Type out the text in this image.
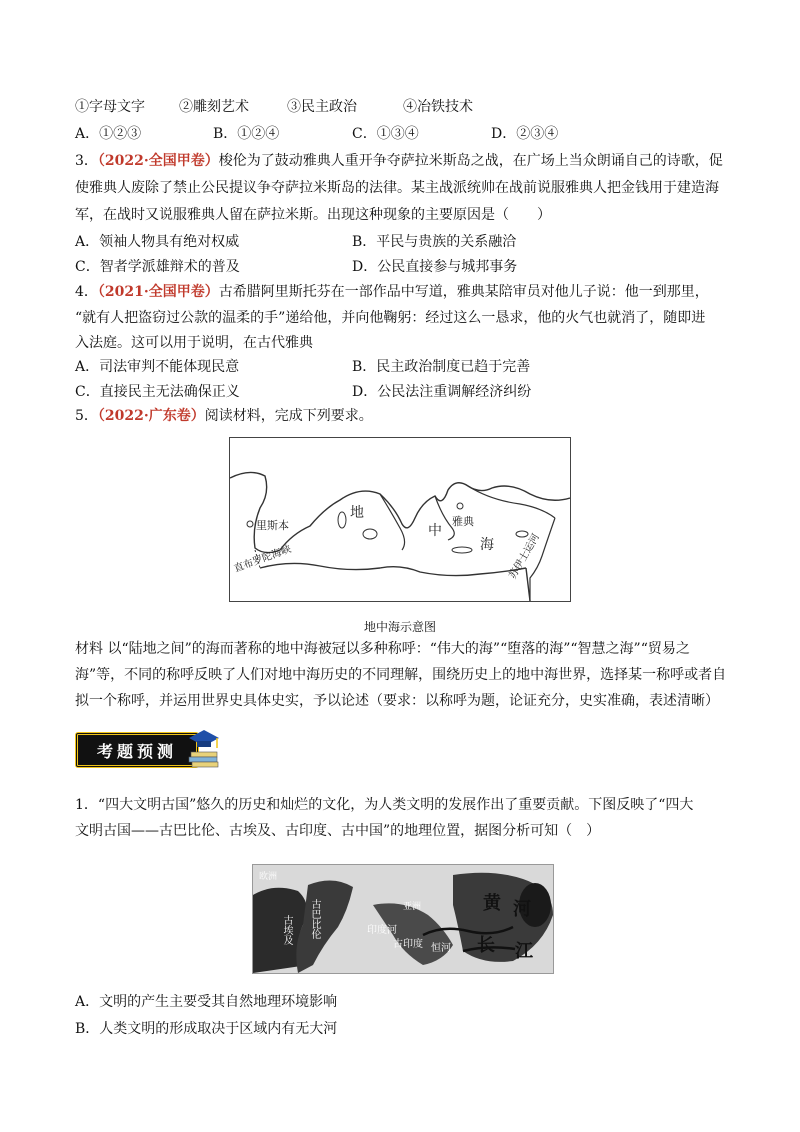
①字母文字 ②雕刻艺术	③民主政治	④冶铁技术
A．①②③	B．①②④	C．①③④	D．②③④
3．（2022·全国甲卷）梭伦为了鼓动雅典人重开争夺萨拉米斯岛之战，在广场上当众朗诵自己的诗歌，促
使雅典人废除了禁止公民提议争夺萨拉米斯岛的法律。某主战派统帅在战前说服雅典人把金钱用于建造海
军，在战时又说服雅典人留在萨拉米斯。出现这种现象的主要原因是（　　）
A．领袖人物具有绝对权威	B．平民与贵族的关系融洽
C．智者学派雄辩术的普及	D．公民直接参与城邦事务
4．（2021·全国甲卷）古希腊阿里斯托芬在一部作品中写道，雅典某陪审员对他儿子说：他一到那里，
“就有人把盗窃过公款的温柔的手”递给他，并向他鞠躬：经过这么一恳求，他的火气也就消了，随即进
入法庭。这可以用于说明，在古代雅典
A．司法审判不能体现民意	B．民主政治制度已趋于完善
C．直接民主无法确保正义	D．公民法注重调解经济纠纷
5．（2022·广东卷）阅读材料，完成下列要求。
里斯本	雅典
地
中
海
直布罗陀海峡	苏伊士运河
地中海示意图
材料 以“陆地之间”的海而著称的地中海被冠以多种称呼：“伟大的海”“堕落的海”“智慧之海”“贸易之
海”等，不同的称呼反映了人们对地中海历史的不同理解，围绕历史上的地中海世界，选择某一称呼或者自
拟一个称呼，并运用世界史具体史实，予以论述（要求：以称呼为题，论证充分，史实准确，表述清晰）
考题预测
1．“四大文明古国”悠久的历史和灿烂的文化，为人类文明的发展作出了重要贡献。下图反映了“四大
文明古国——古巴比伦、古埃及、古印度、古中国”的地理位置，据图分析可知（　）
欧洲
亚洲	黄 河
长 江
印度河
恒河
古印度
古巴比伦
古埃及
A．文明的产生主要受其自然地理环境影响
B．人类文明的形成取决于区域内有无大河
